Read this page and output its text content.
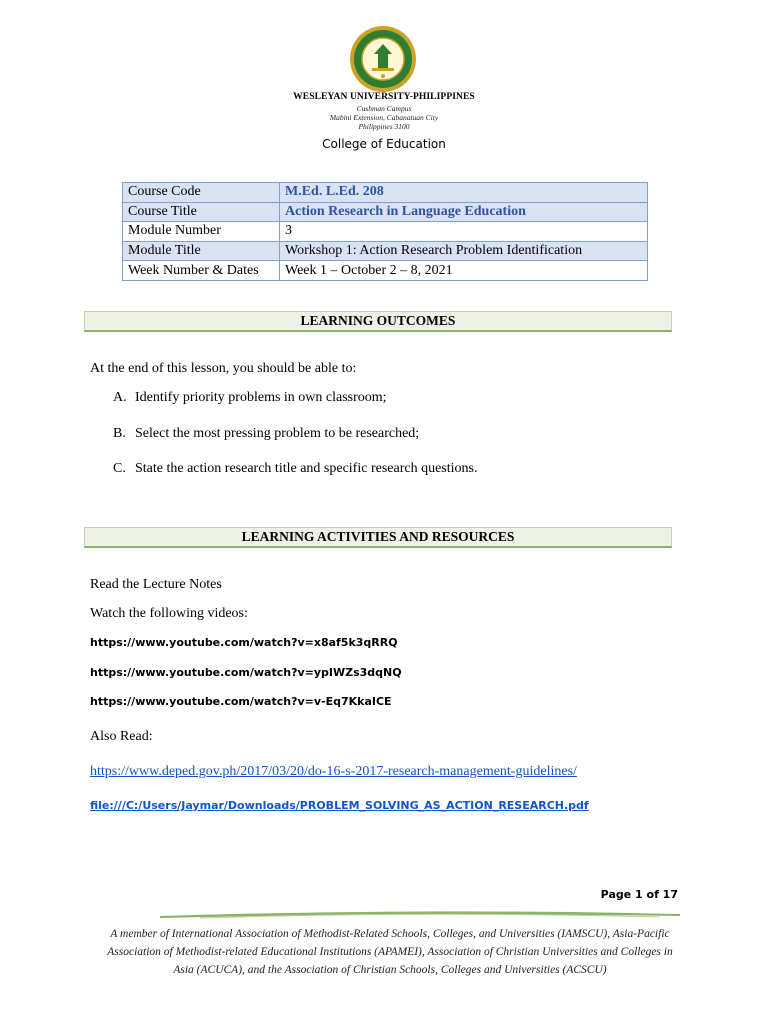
WESLEYAN UNIVERSITY-PHILIPPINES
Cushman Campus
Mabini Extension, Cabanatuan City
Philippines 3100
College of Education
Course Code	M.Ed. L.Ed. 208
Course Title	Action Research in Language Education
Module Number	3
Module Title	Workshop 1: Action Research Problem Identification
Week Number & Dates	Week 1 – October 2 – 8, 2021
LEARNING OUTCOMES
At the end of this lesson, you should be able to:
A. Identify priority problems in own classroom;
B. Select the most pressing problem to be researched;
C. State the action research title and specific research questions.
LEARNING ACTIVITIES AND RESOURCES
Read the Lecture Notes
Watch the following videos:
https://www.youtube.com/watch?v=x8af5k3qRRQ
https://www.youtube.com/watch?v=ypIWZs3dqNQ
https://www.youtube.com/watch?v=v-Eq7KkaICE
Also Read:
https://www.deped.gov.ph/2017/03/20/do-16-s-2017-research-management-guidelines/
file:///C:/Users/Jaymar/Downloads/PROBLEM_SOLVING_AS_ACTION_RESEARCH.pdf
Page 1 of 17
A member of International Association of Methodist-Related Schools, Colleges, and Universities (IAMSCU), Asia-Pacific Association of Methodist-related Educational Institutions (APAMEI), Association of Christian Universities and Colleges in Asia (ACUCA), and the Association of Christian Schools, Colleges and Universities (ACSCU)
